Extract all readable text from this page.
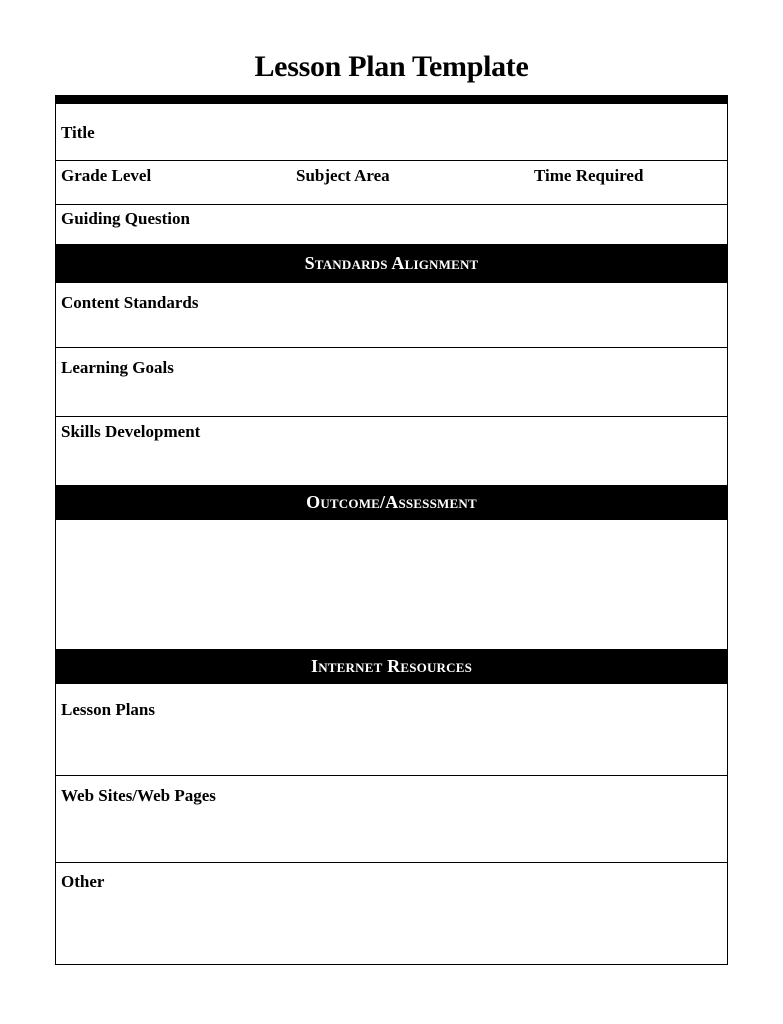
Lesson Plan Template
Title
Grade Level	Subject Area	Time Required
Guiding Question
Standards Alignment
Content Standards
Learning Goals
Skills Development
Outcome/Assessment
Internet Resources
Lesson Plans
Web Sites/Web Pages
Other
